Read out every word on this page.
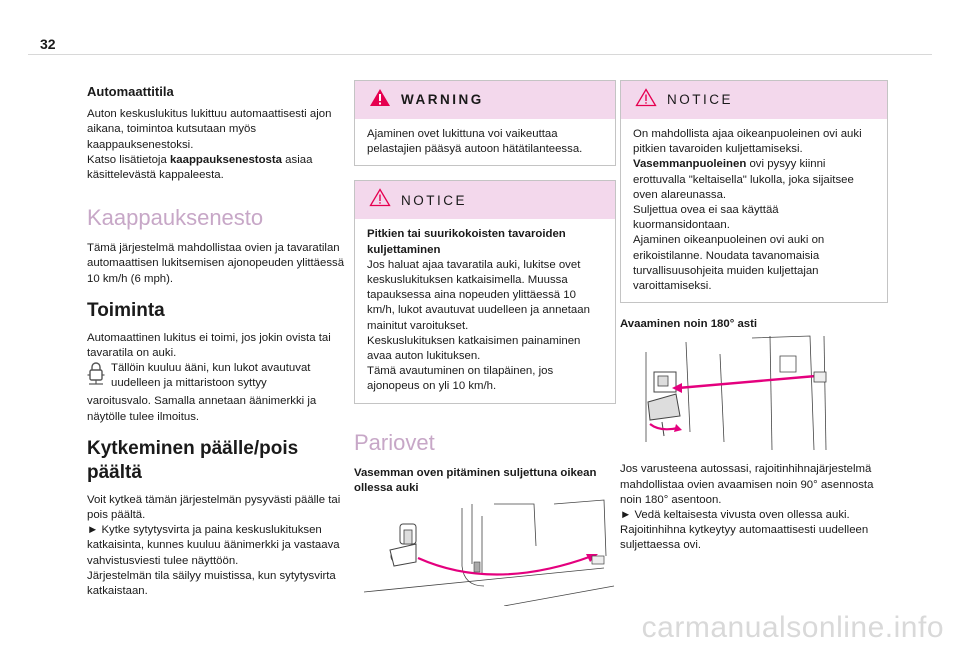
32
Automaattitila

Auton keskuslukitus lukittuu automaattisesti ajon aikana, toimintoa kutsutaan myös kaappauksenestoksi.

Katso lisätietoja kaappauksenestosta asiaa käsittelevästä kappaleesta.

Kaappauksenesto

Tämä järjestelmä mahdollistaa ovien ja tavaratilan automaattisen lukitsemisen ajonopeuden ylittäessä 10 km/h (6 mph).

Toiminta

Automaattinen lukitus ei toimi, jos jokin ovista tai tavaratila on auki.

Tällöin kuuluu ääni, kun lukot avautuvat uudelleen ja mittaristoon syttyy

varoitusvalo. Samalla annetaan äänimerkki ja näytölle tulee ilmoitus.

Kytkeminen päälle/pois päältä

Voit kytkeä tämän järjestelmän pysyvästi päälle tai pois päältä.

► Kytke sytytysvirta ja paina keskuslukituksen katkaisinta, kunnes kuuluu äänimerkki ja vastaava vahvistusviesti tulee näyttöön.

Järjestelmän tila säilyy muistissa, kun sytytysvirta katkaistaan.

WARNING

Ajaminen ovet lukittuna voi vaikeuttaa pelastajien pääsyä autoon hätätilanteessa.

NOTICE

Pitkien tai suurikokoisten tavaroiden kuljettaminen

Jos haluat ajaa tavaratila auki, lukitse ovet keskuslukituksen katkaisimella. Muussa tapauksessa aina nopeuden ylittäessä 10 km/h, lukot avautuvat uudelleen ja annetaan mainitut varoitukset.

Keskuslukituksen katkaisimen painaminen avaa auton lukituksen.

Tämä avautuminen on tilapäinen, jos ajonopeus on yli 10 km/h.

Pariovet

Vasemman oven pitäminen suljettuna oikean ollessa auki

NOTICE

On mahdollista ajaa oikeanpuoleinen ovi auki pitkien tavaroiden kuljettamiseksi.

Vasemmanpuoleinen ovi pysyy kiinni erottuvalla "keltaisella" lukolla, joka sijaitsee oven alareunassa.

Suljettua ovea ei saa käyttää kuormansidontaan.

Ajaminen oikeanpuoleinen ovi auki on erikoistilanne. Noudata tavanomaisia turvallisuusohjeita muiden kuljettajan varoittamiseksi.

Avaaminen noin 180° asti

Jos varusteena autossasi, rajoitinhihnajärjestelmä mahdollistaa ovien avaamisen noin 90° asennosta noin 180° asentoon.

► Vedä keltaisesta vivusta oven ollessa auki.

Rajoitinhihna kytkeytyy automaattisesti uudelleen suljettaessa ovi.

carmanualsonline.info
